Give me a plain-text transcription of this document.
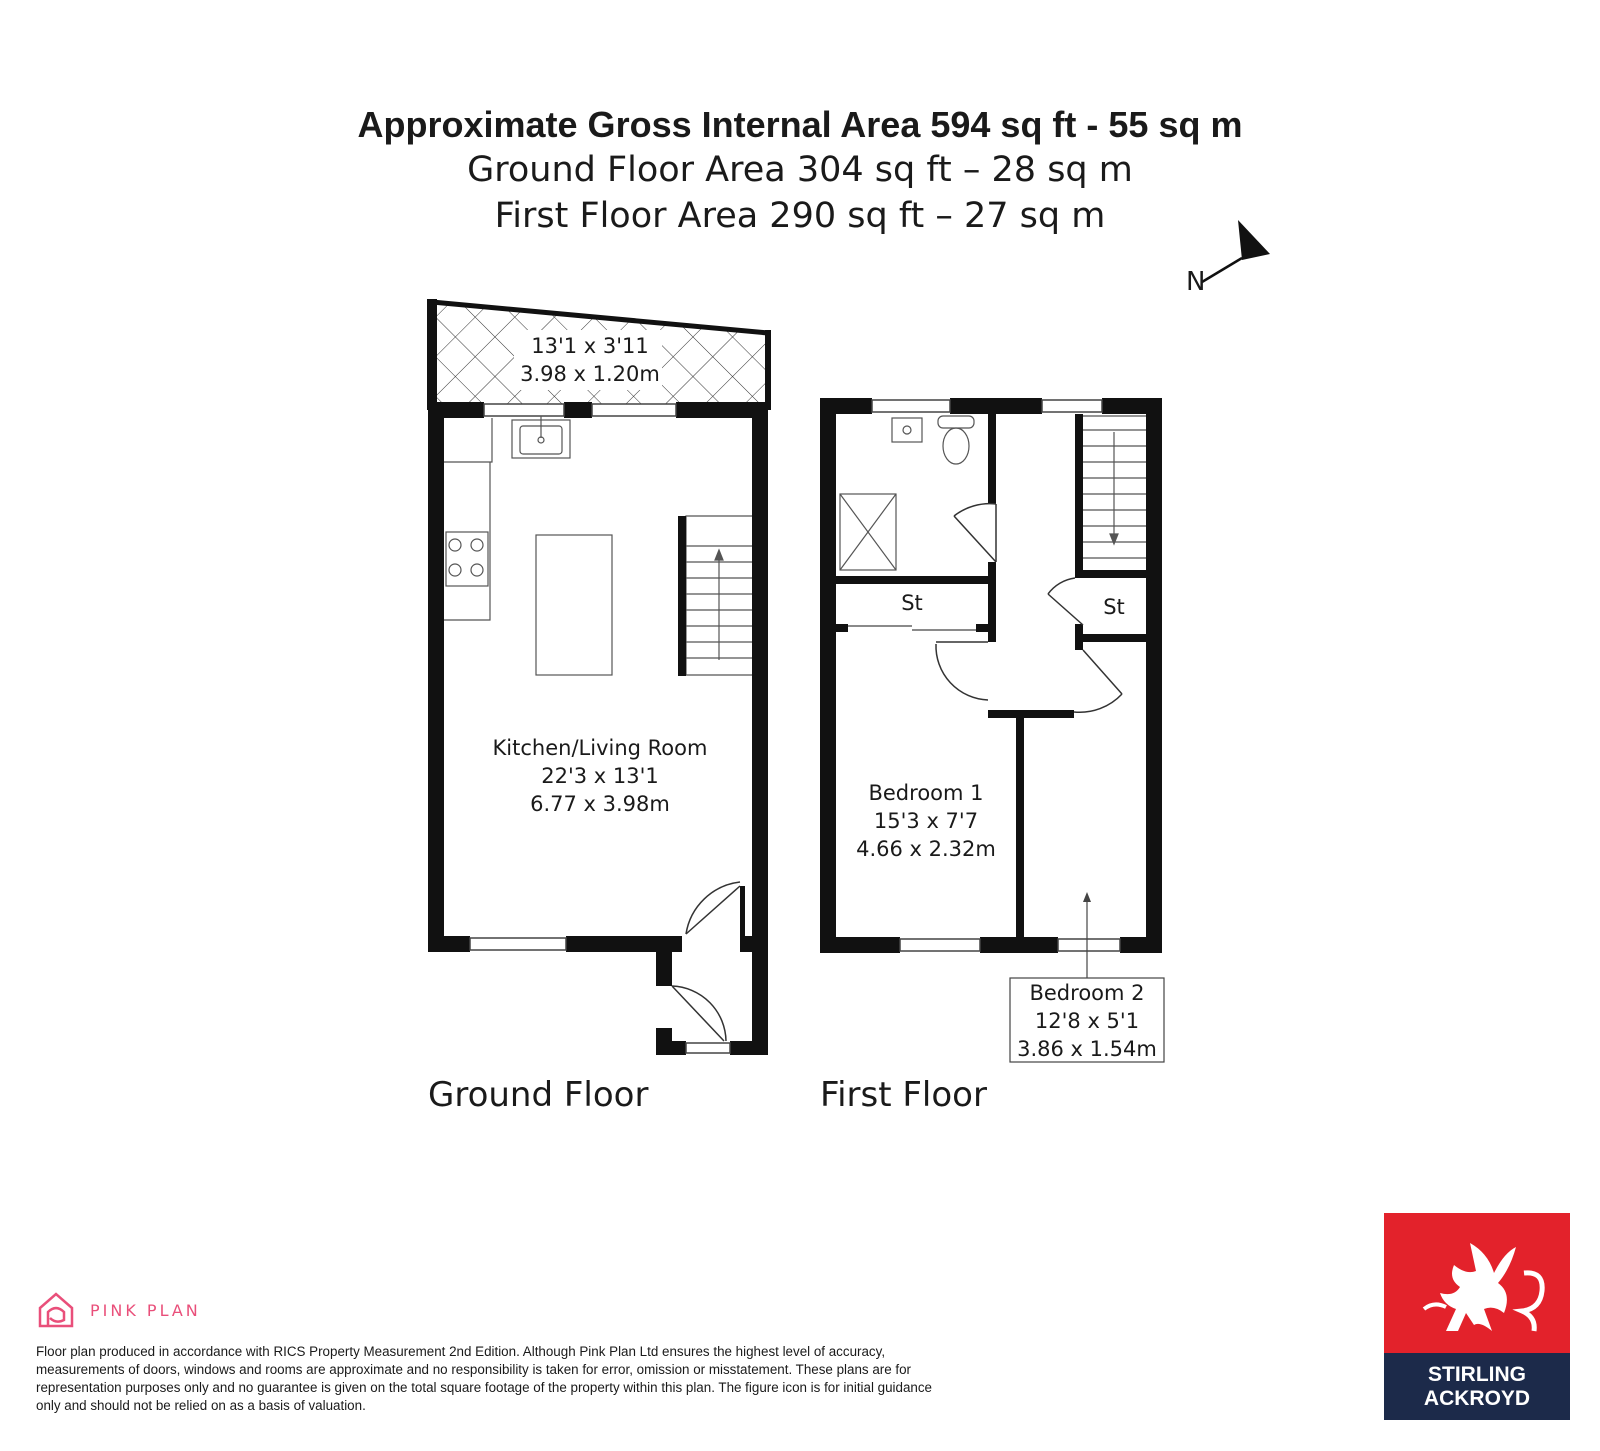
Approximate Gross Internal Area 594 sq ft - 55 sq m
Ground Floor Area 304 sq ft – 28 sq m
First Floor Area 290 sq ft – 27 sq m
N
13'1 x 3'11
3.98 x 1.20m
Kitchen/Living Room
22'3 x 13'1
6.77 x 3.98m
St	St
Bedroom 1
15'3 x 7'7
4.66 x 2.32m
Bedroom 2
12'8 x 5'1
3.86 x 1.54m
Ground Floor	First Floor
PINK PLAN

Floor plan produced in accordance with RICS Property Measurement 2nd Edition. Although Pink Plan Ltd ensures the highest level of accuracy, measurements of doors, windows and rooms are approximate and no responsibility is taken for error, omission or misstatement. These plans are for representation purposes only and no guarantee is given on the total square footage of the property within this plan. The figure icon is for initial guidance only and should not be relied on as a basis of valuation.

STIRLING
ACKROYD
